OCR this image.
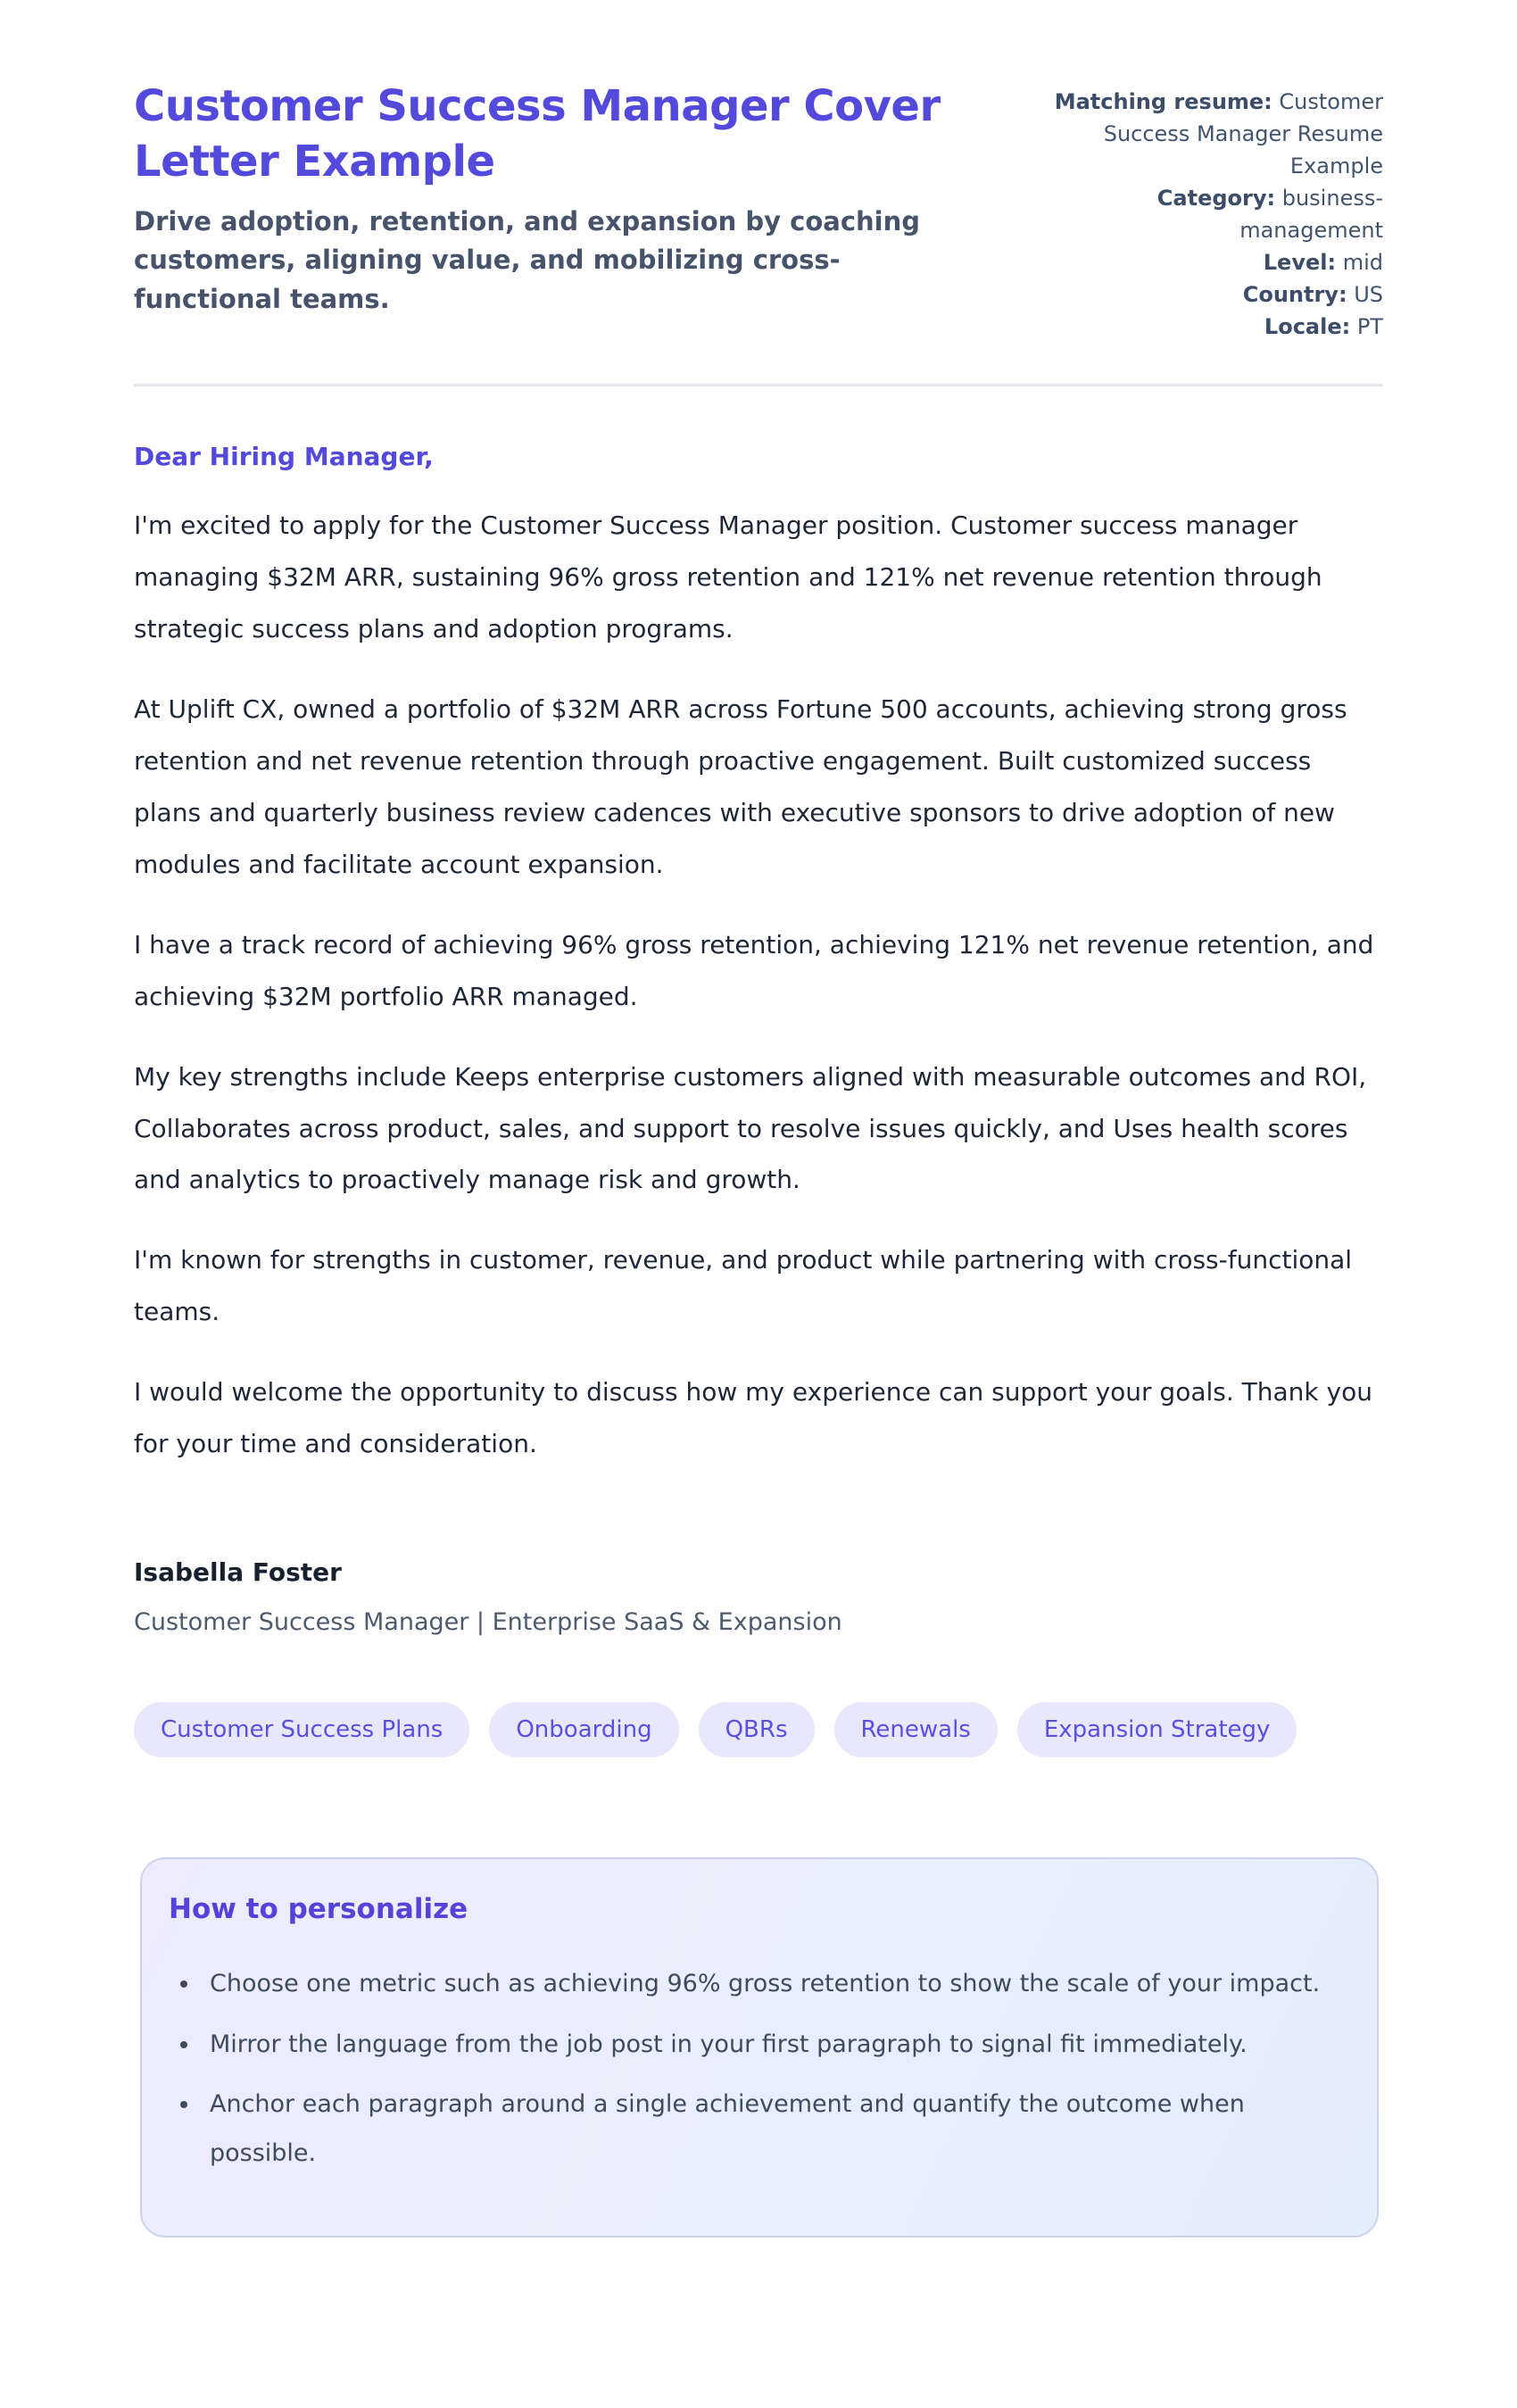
Customer Success Manager Cover Letter Example
Drive adoption, retention, and expansion by coaching customers, aligning value, and mobilizing cross-functional teams.
Matching resume: Customer Success Manager Resume Example
Category: business-management
Level: mid
Country: US
Locale: PT
Dear Hiring Manager,

I'm excited to apply for the Customer Success Manager position. Customer success manager managing $32M ARR, sustaining 96% gross retention and 121% net revenue retention through strategic success plans and adoption programs.

At Uplift CX, owned a portfolio of $32M ARR across Fortune 500 accounts, achieving strong gross retention and net revenue retention through proactive engagement. Built customized success plans and quarterly business review cadences with executive sponsors to drive adoption of new modules and facilitate account expansion.

I have a track record of achieving 96% gross retention, achieving 121% net revenue retention, and achieving $32M portfolio ARR managed.

My key strengths include Keeps enterprise customers aligned with measurable outcomes and ROI, Collaborates across product, sales, and support to resolve issues quickly, and Uses health scores and analytics to proactively manage risk and growth.

I'm known for strengths in customer, revenue, and product while partnering with cross-functional teams.

I would welcome the opportunity to discuss how my experience can support your goals. Thank you for your time and consideration.

Isabella Foster
Customer Success Manager | Enterprise SaaS & Expansion
Customer Success Plans	Onboarding	QBRs	Renewals	Expansion Strategy
How to personalize
• Choose one metric such as achieving 96% gross retention to show the scale of your impact.
• Mirror the language from the job post in your first paragraph to signal fit immediately.
• Anchor each paragraph around a single achievement and quantify the outcome when possible.
